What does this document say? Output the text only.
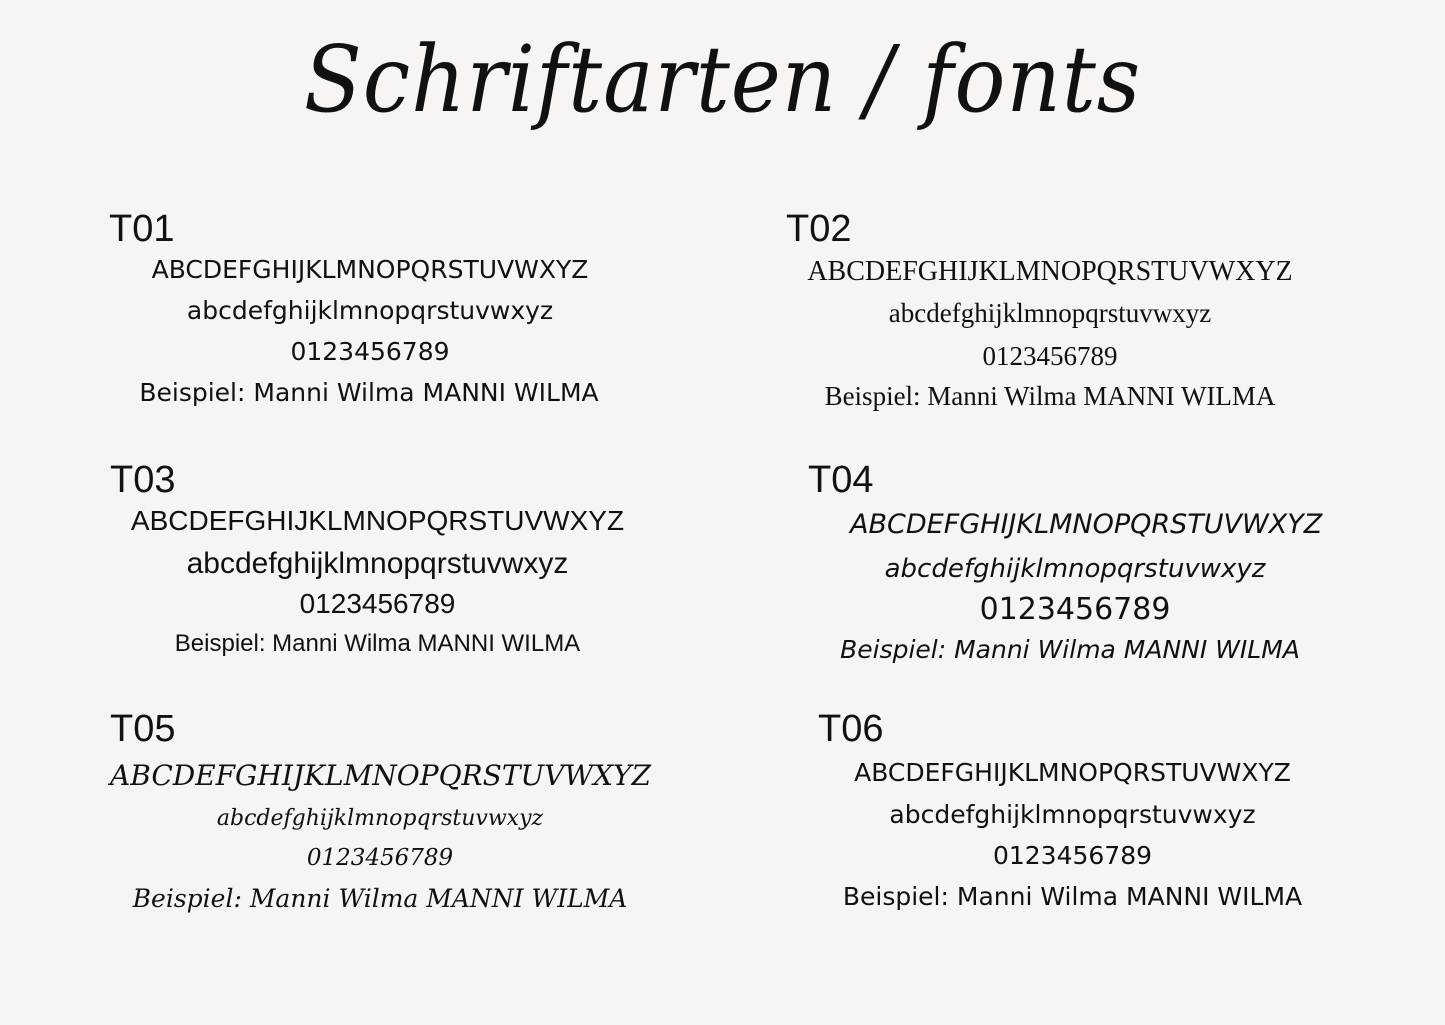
Schriftarten / fonts
T01
ABCDEFGHIJKLMNOPQRSTUVWXYZ
abcdefghijklmnopqrstuvwxyz
0123456789
Beispiel: Manni Wilma MANNI WILMA
T02
ABCDEFGHIJKLMNOPQRSTUVWXYZ
abcdefghijklmnopqrstuvwxyz
0123456789
Beispiel: Manni Wilma MANNI WILMA
T03
ABCDEFGHIJKLMNOPQRSTUVWXYZ
abcdefghijklmnopqrstuvwxyz
0123456789
Beispiel: Manni Wilma MANNI WILMA
T04
ABCDEFGHIJKLMNOPQRSTUVWXYZ
abcdefghijklmnopqrstuvwxyz
0123456789
Beispiel: Manni Wilma MANNI WILMA
T05
ABCDEFGHIJKLMNOPQRSTUVWXYZ
abcdefghijklmnopqrstuvwxyz
0123456789
Beispiel: Manni Wilma MANNI WILMA
T06
ABCDEFGHIJKLMNOPQRSTUVWXYZ
abcdefghijklmnopqrstuvwxyz
0123456789
Beispiel: Manni Wilma MANNI WILMA
